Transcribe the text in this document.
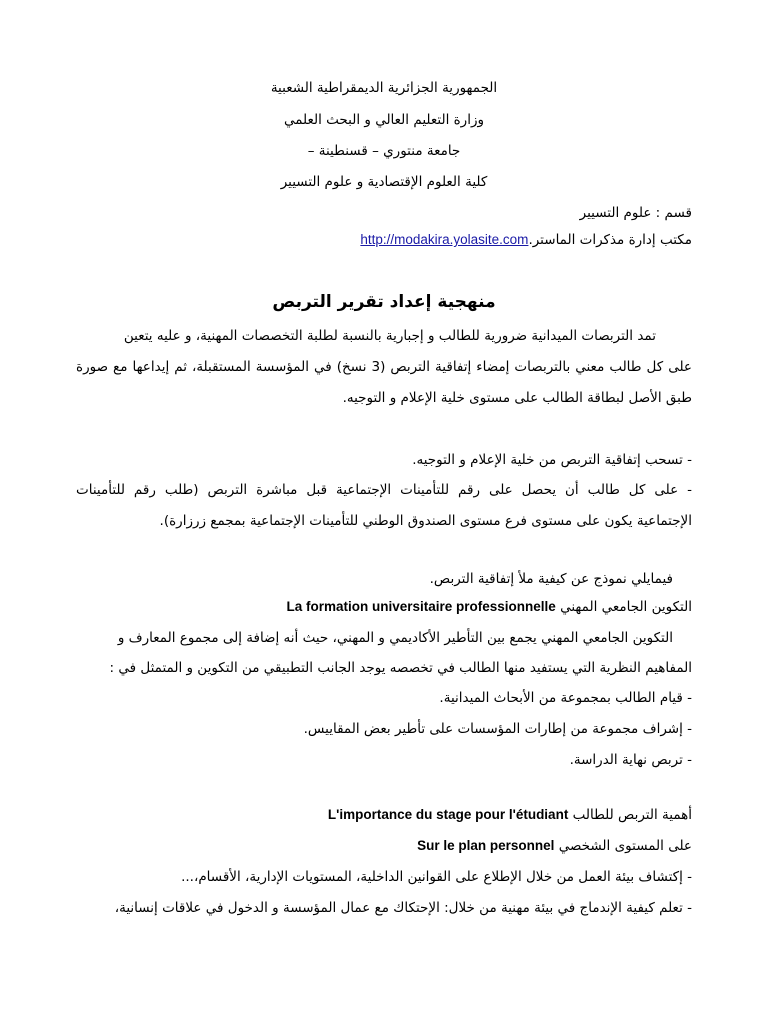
الجمهورية الجزائرية الديمقراطية الشعبية
وزارة التعليم العالي و البحث العلمي
جامعة منتوري – قسنطينة –
كلية العلوم الإقتصادية و علوم التسيير
قسم : علوم التسيير
مكتب إدارة مذكرات الماستر.http://modakira.yolasite.com
منهجية إعداد تقرير التربص
تمد التربصات الميدانية ضرورية للطالب و إجبارية بالنسبة لطلبة التخصصات المهنية، و عليه يتعين
على كل طالب معني بالتربصات إمضاء إتفاقية التربص (3 نسخ) في المؤسسة المستقبلة، ثم إيداعها مع صورة
طبق الأصل لبطاقة الطالب على مستوى خلية الإعلام و التوجيه.
- تسحب إتفاقية التربص من خلية الإعلام و التوجيه.
- على كل طالب أن يحصل على رقم للتأمينات الإجتماعية قبل مباشرة التربص (طلب رقم للتأمينات
الإجتماعية يكون على مستوى فرع مستوى الصندوق الوطني للتأمينات الإجتماعية بمجمع زرزارة).
فيمايلي نموذج عن كيفية ملأ إتفاقية التربص.
التكوين الجامعي المهني La formation universitaire professionnelle
التكوين الجامعي المهني يجمع بين التأطير الأكاديمي و المهني، حيث أنه إضافة إلى مجموع المعارف و
المفاهيم النظرية التي يستفيد منها الطالب في تخصصه يوجد الجانب التطبيقي من التكوين و المتمثل في :
- قيام الطالب بمجموعة من الأبحاث الميدانية.
- إشراف مجموعة من إطارات المؤسسات على تأطير بعض المقاييس.
- تربص نهاية الدراسة.
أهمية التربص للطالب L'importance du stage pour l'étudiant
على المستوى الشخصي Sur le plan personnel
- إكتشاف بيئة العمل من خلال الإطلاع على القوانين الداخلية، المستويات الإدارية، الأقسام،...
- تعلم كيفية الإندماج في بيئة مهنية من خلال: الإحتكاك مع عمال المؤسسة و الدخول في علاقات إنسانية،
